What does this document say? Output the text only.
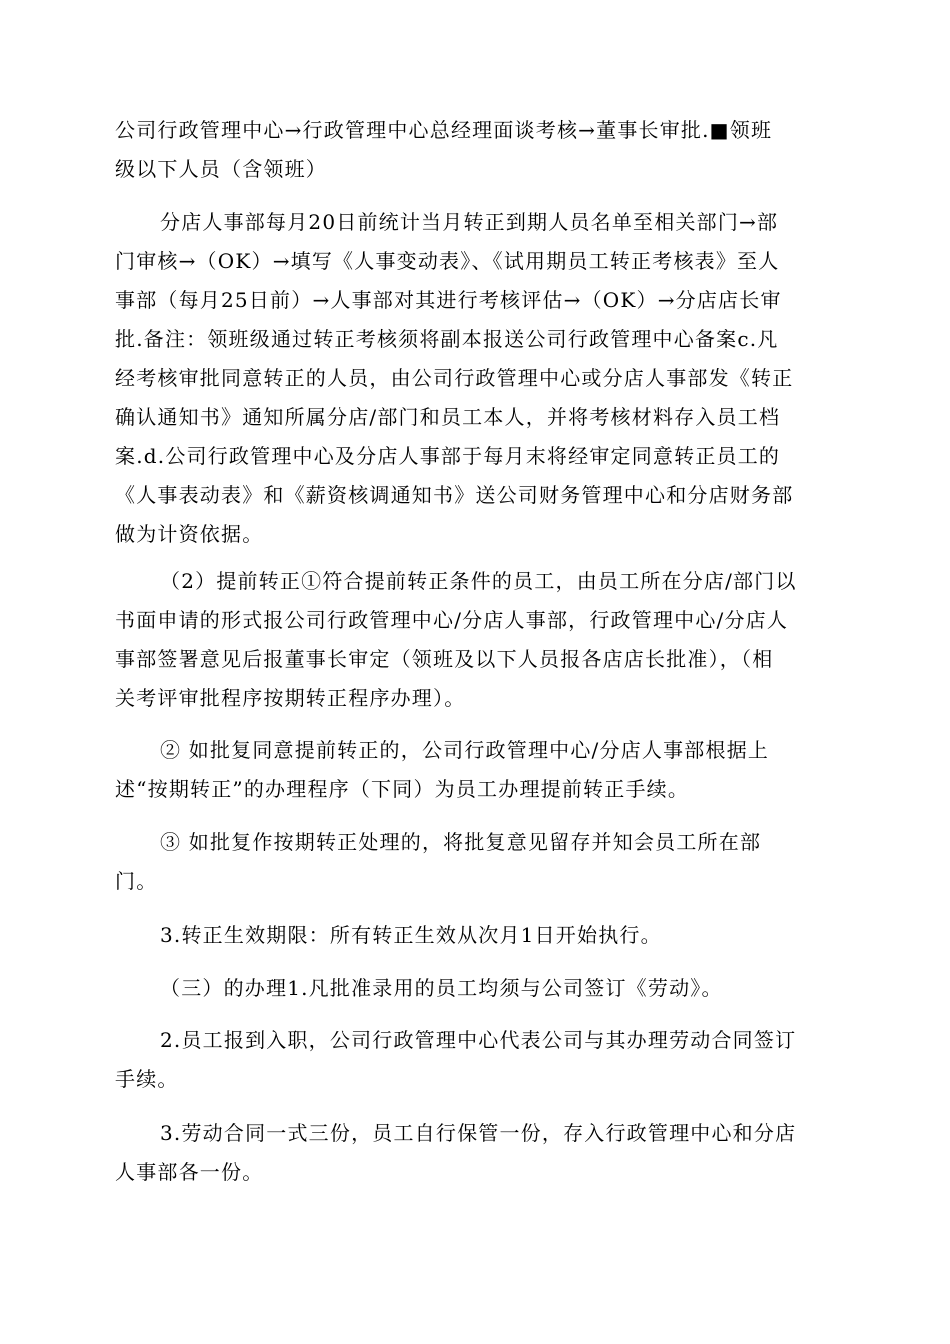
公司行政管理中心→行政管理中心总经理面谈考核→董事长审批.■领班
级以下人员（含领班）
分店人事部每月20日前统计当月转正到期人员名单至相关部门→部
门审核→（OK）→填写《人事变动表》、《试用期员工转正考核表》至人
事部（每月25日前）→人事部对其进行考核评估→（OK）→分店店长审
批.备注：领班级通过转正考核须将副本报送公司行政管理中心备案c.凡
经考核审批同意转正的人员，由公司行政管理中心或分店人事部发《转正
确认通知书》通知所属分店/部门和员工本人，并将考核材料存入员工档
案.d.公司行政管理中心及分店人事部于每月末将经审定同意转正员工的
《人事表动表》和《薪资核调通知书》送公司财务管理中心和分店财务部
做为计资依据。
（2）提前转正①符合提前转正条件的员工，由员工所在分店/部门以
书面申请的形式报公司行政管理中心/分店人事部，行政管理中心/分店人
事部签署意见后报董事长审定（领班及以下人员报各店店长批准），（相
关考评审批程序按期转正程序办理）。
② 如批复同意提前转正的，公司行政管理中心/分店人事部根据上
述“按期转正”的办理程序（下同）为员工办理提前转正手续。
③ 如批复作按期转正处理的，将批复意见留存并知会员工所在部
门。
3.转正生效期限：所有转正生效从次月1日开始执行。
（三）的办理1.凡批准录用的员工均须与公司签订《劳动》。
2.员工报到入职，公司行政管理中心代表公司与其办理劳动合同签订
手续。
3.劳动合同一式三份，员工自行保管一份，存入行政管理中心和分店
人事部各一份。
